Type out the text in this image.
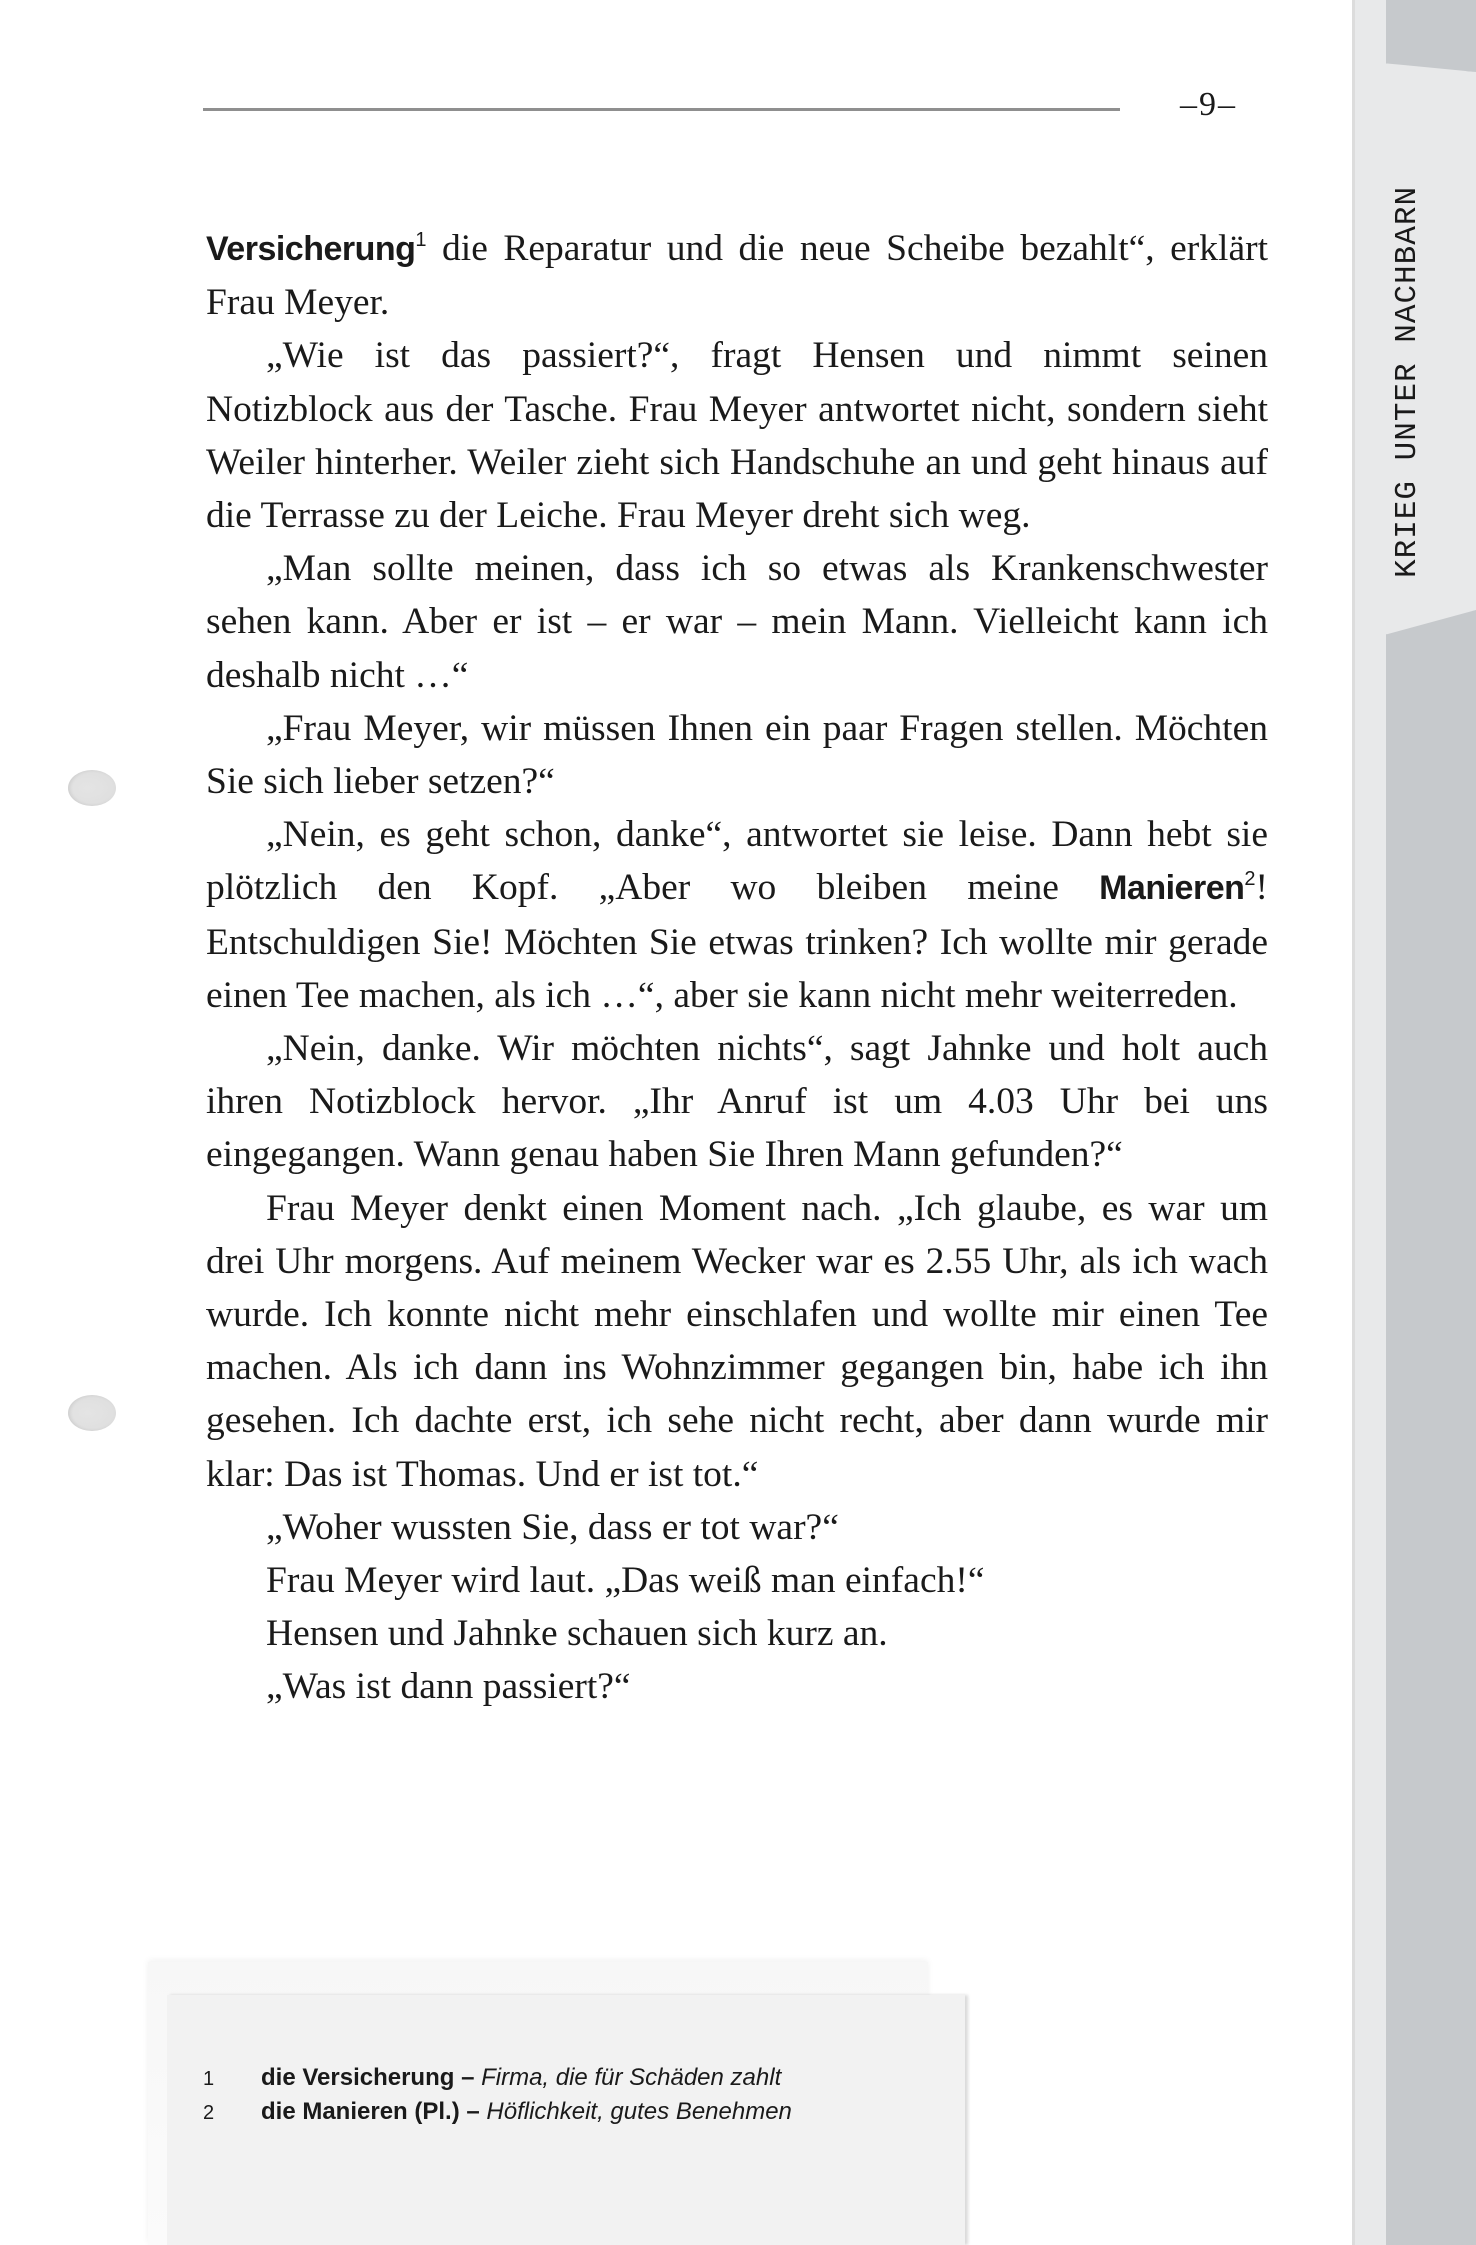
–9–

Versicherung$^1$ die Reparatur und die neue Scheibe bezahlt“, erklärt Frau Meyer.

„Wie ist das passiert?“, fragt Hensen und nimmt seinen Notizblock aus der Tasche. Frau Meyer antwortet nicht, sondern sieht Weiler hinterher. Weiler zieht sich Handschuhe an und geht hinaus auf die Terrasse zu der Leiche. Frau Meyer dreht sich weg.

„Man sollte meinen, dass ich so etwas als Krankenschwester sehen kann. Aber er ist – er war – mein Mann. Vielleicht kann ich deshalb nicht …“

„Frau Meyer, wir müssen Ihnen ein paar Fragen stellen. Möchten Sie sich lieber setzen?“

„Nein, es geht schon, danke“, antwortet sie leise. Dann hebt sie plötzlich den Kopf. „Aber wo bleiben meine Manieren$^2$! Entschuldigen Sie! Möchten Sie etwas trinken? Ich wollte mir gerade einen Tee machen, als ich …“, aber sie kann nicht mehr weiterreden.

„Nein, danke. Wir möchten nichts“, sagt Jahnke und holt auch ihren Notizblock hervor. „Ihr Anruf ist um 4.03 Uhr bei uns eingegangen. Wann genau haben Sie Ihren Mann gefunden?“

Frau Meyer denkt einen Moment nach. „Ich glaube, es war um drei Uhr morgens. Auf meinem Wecker war es 2.55 Uhr, als ich wach wurde. Ich konnte nicht mehr einschlafen und wollte mir einen Tee machen. Als ich dann ins Wohnzimmer gegangen bin, habe ich ihn gesehen. Ich dachte erst, ich sehe nicht recht, aber dann wurde mir klar: Das ist Thomas. Und er ist tot.“

„Woher wussten Sie, dass er tot war?“

Frau Meyer wird laut. „Das weiß man einfach!“

Hensen und Jahnke schauen sich kurz an.

„Was ist dann passiert?“

1 die Versicherung – Firma, die für Schäden zahlt
2 die Manieren (Pl.) – Höflichkeit, gutes Benehmen
KRIEG UNTER NACHBARN
